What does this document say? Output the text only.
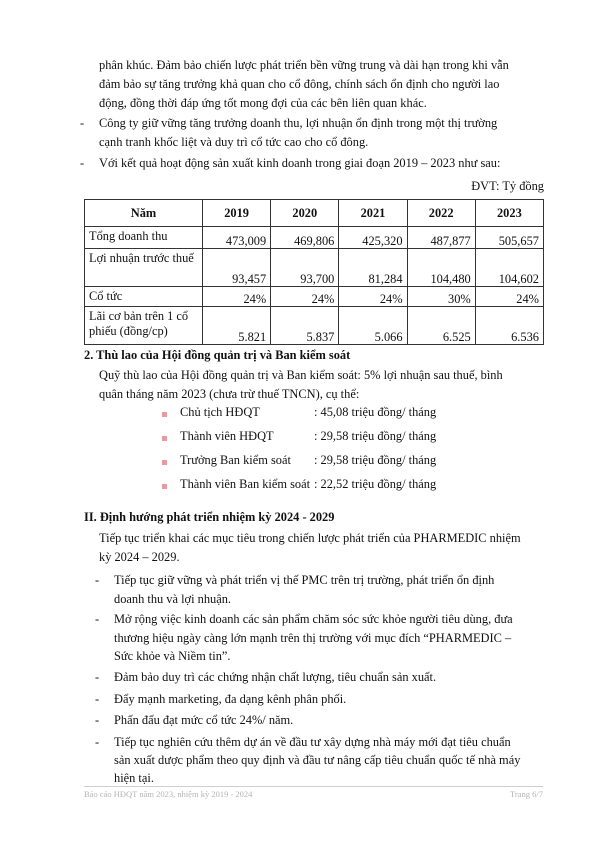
phân khúc. Đảm bảo chiến lược phát triển bền vững trung và dài hạn trong khi vẫn
đảm bảo sự tăng trưởng khả quan cho cổ đông, chính sách ổn định cho người lao
động, đồng thời đáp ứng tốt mong đợi của các bên liên quan khác.
- Công ty giữ vững tăng trưởng doanh thu, lợi nhuận ổn định trong một thị trường
cạnh tranh khốc liệt và duy trì cổ tức cao cho cổ đông.
- Với kết quả hoạt động sản xuất kinh doanh trong giai đoạn 2019 – 2023 như sau:
ĐVT: Tỷ đồng
Năm	2019	2020	2021	2022	2023
Tổng doanh thu	473,009	469,806	425,320	487,877	505,657
Lợi nhuận trước thuế	93,457	93,700	81,284	104,480	104,602
Cổ tức	24%	24%	24%	30%	24%
Lãi cơ bản trên 1 cổ phiếu (đồng/cp)	5.821	5.837	5.066	6.525	6.536
2. Thù lao của Hội đồng quản trị và Ban kiểm soát
Quỹ thù lao của Hội đồng quản trị và Ban kiểm soát: 5% lợi nhuận sau thuế, bình
quân tháng năm 2023 (chưa trừ thuế TNCN), cụ thể:
Chủ tịch HĐQT	: 45,08 triệu đồng/ tháng
Thành viên HĐQT	: 29,58 triệu đồng/ tháng
Trưởng Ban kiểm soát : 29,58 triệu đồng/ tháng
Thành viên Ban kiểm soát : 22,52 triệu đồng/ tháng
II. Định hướng phát triển nhiệm kỳ 2024 - 2029
Tiếp tục triển khai các mục tiêu trong chiến lược phát triển của PHARMEDIC nhiệm
kỳ 2024 – 2029.
- Tiếp tục giữ vững và phát triển vị thế PMC trên trị trường, phát triển ổn định
doanh thu và lợi nhuận.
- Mở rộng việc kinh doanh các sản phẩm chăm sóc sức khỏe người tiêu dùng, đưa
thương hiệu ngày càng lớn mạnh trên thị trường với mục đích “PHARMEDIC –
Sức khỏe và Niềm tin”.
- Đảm bảo duy trì các chứng nhận chất lượng, tiêu chuẩn sản xuất.
- Đẩy mạnh marketing, đa dạng kênh phân phối.
- Phấn đấu đạt mức cổ tức 24%/ năm.
- Tiếp tục nghiên cứu thêm dự án về đầu tư xây dựng nhà máy mới đạt tiêu chuẩn
sản xuất dược phẩm theo quy định và đầu tư nâng cấp tiêu chuẩn quốc tế nhà máy
hiện tại.
Báo cáo HĐQT năm 2023, nhiệm kỳ 2019 - 2024	Trang 6/7
